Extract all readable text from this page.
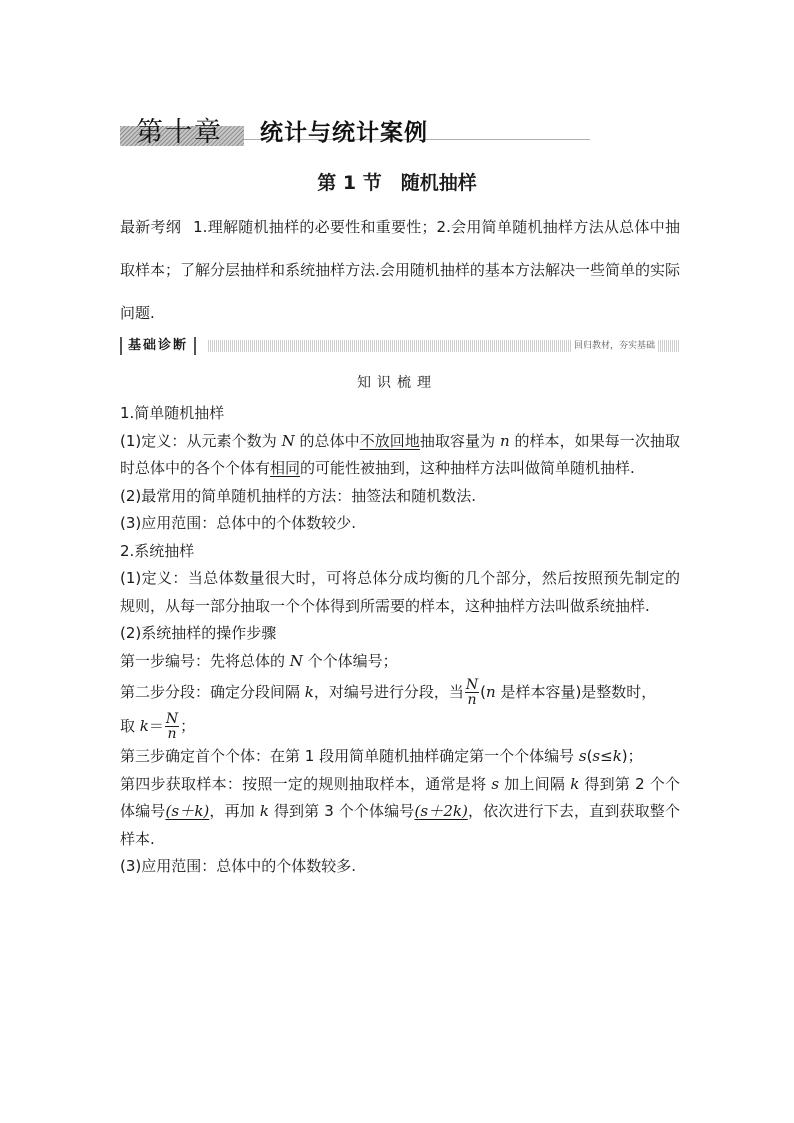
第十章 统计与统计案例
第 1 节　随机抽样
最新考纲 1.理解随机抽样的必要性和重要性；2.会用简单随机抽样方法从总体中抽取样本；了解分层抽样和系统抽样方法.会用随机抽样的基本方法解决一些简单的实际问题.
基础诊断	回归教材，夯实基础
知识梳理

1.简单随机抽样

(1)定义：从元素个数为 N 的总体中不放回地抽取容量为 n 的样本，如果每一次抽取时总体中的各个个体有相同的可能性被抽到，这种抽样方法叫做简单随机抽样.

(2)最常用的简单随机抽样的方法：抽签法和随机数法.

(3)应用范围：总体中的个体数较少.

2.系统抽样

(1)定义：当总体数量很大时，可将总体分成均衡的几个部分，然后按照预先制定的规则，从每一部分抽取一个个体得到所需要的样本，这种抽样方法叫做系统抽样.

(2)系统抽样的操作步骤

第一步编号：先将总体的 N 个个体编号；

第二步分段：确定分段间隔 k，对编号进行分段，当 $\frac{N}{n} (n$ 是样本容量)是整数时，
取 $k= \frac{N}{n}$ ；

第三步确定首个个体：在第 1 段用简单随机抽样确定第一个个体编号 s(s≤k)；

第四步获取样本：按照一定的规则抽取样本，通常是将 s 加上间隔 k 得到第 2 个个体编号(s＋k)，再加 k 得到第 3 个个体编号(s＋2k)，依次进行下去，直到获取整个样本.

(3)应用范围：总体中的个体数较多.
